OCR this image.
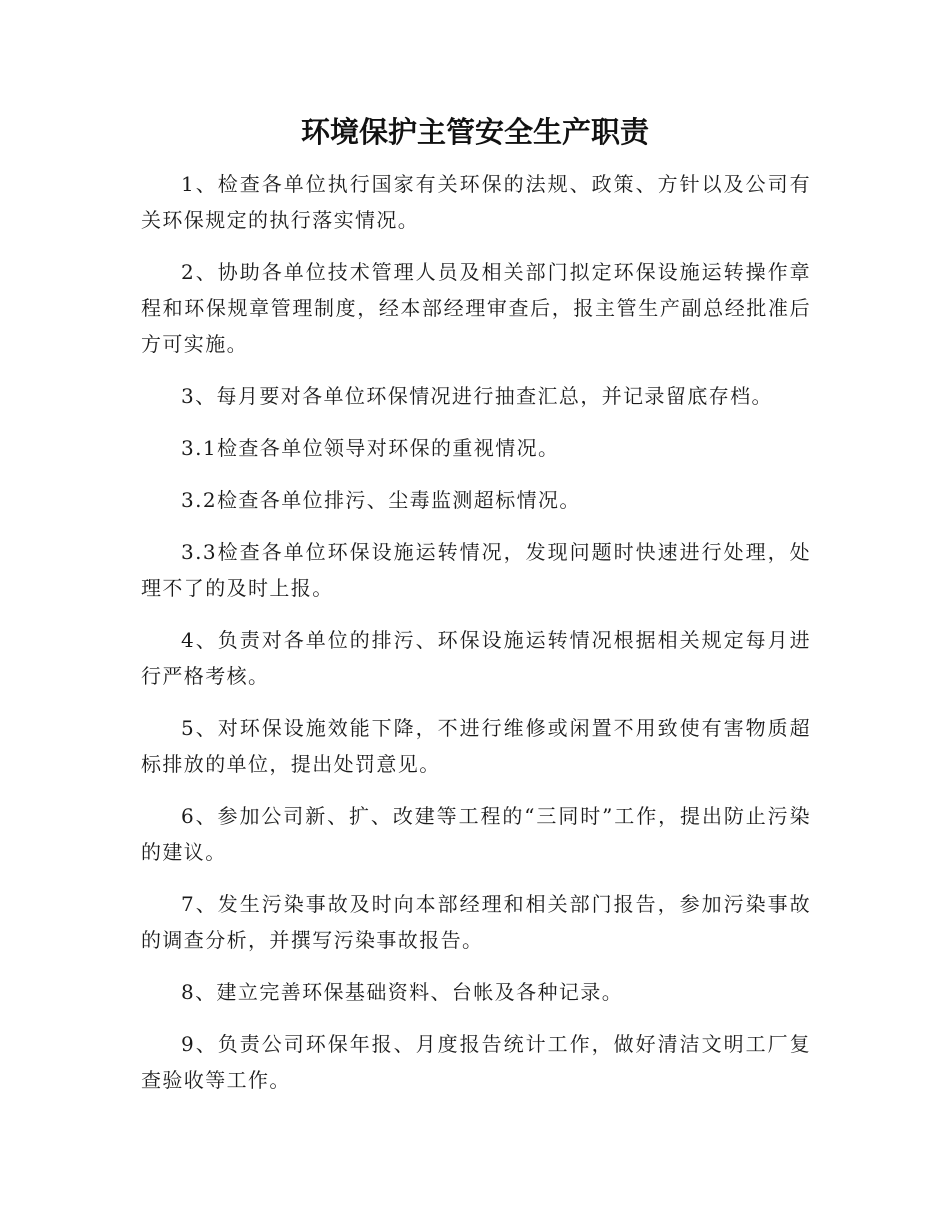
环境保护主管安全生产职责

1、检查各单位执行国家有关环保的法规、政策、方针以及公司有关环保规定的执行落实情况。

2、协助各单位技术管理人员及相关部门拟定环保设施运转操作章程和环保规章管理制度，经本部经理审查后，报主管生产副总经批准后方可实施。

3、每月要对各单位环保情况进行抽查汇总，并记录留底存档。

3.1检查各单位领导对环保的重视情况。

3.2检查各单位排污、尘毒监测超标情况。

3.3检查各单位环保设施运转情况，发现问题时快速进行处理，处理不了的及时上报。

4、负责对各单位的排污、环保设施运转情况根据相关规定每月进行严格考核。

5、对环保设施效能下降，不进行维修或闲置不用致使有害物质超标排放的单位，提出处罚意见。

6、参加公司新、扩、改建等工程的“三同时”工作，提出防止污染的建议。

7、发生污染事故及时向本部经理和相关部门报告，参加污染事故的调查分析，并撰写污染事故报告。

8、建立完善环保基础资料、台帐及各种记录。

9、负责公司环保年报、月度报告统计工作，做好清洁文明工厂复查验收等工作。
